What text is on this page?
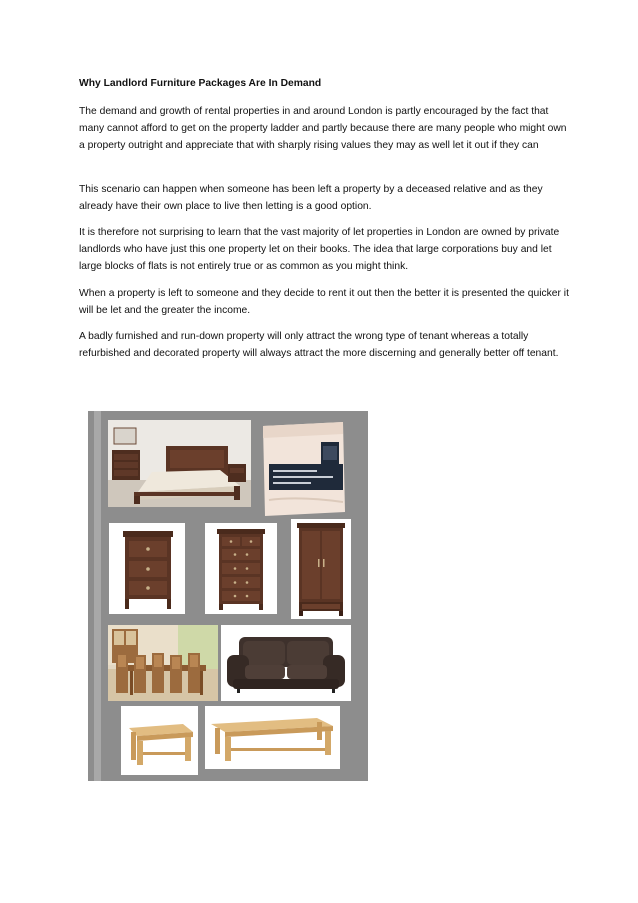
Why Landlord Furniture Packages Are In Demand

The demand and growth of rental properties in and around London is partly encouraged by the fact that many cannot afford to get on the property ladder and partly because there are many people who might own a property outright and appreciate that with sharply rising values they may as well let it out if they can

This scenario can happen when someone has been left a property by a deceased relative and as they already have their own place to live then letting is a good option.

It is therefore not surprising to learn that the vast majority of let properties in London are owned by private landlords who have just this one property let on their books. The idea that large corporations buy and let large blocks of flats is not entirely true or as common as you might think.

When a property is left to someone and they decide to rent it out then the better it is presented the quicker it will be let and the greater the income.

A badly furnished and run-down property will only attract the wrong type of tenant whereas a totally refurbished and decorated property will always attract the more discerning and generally better off tenant.
